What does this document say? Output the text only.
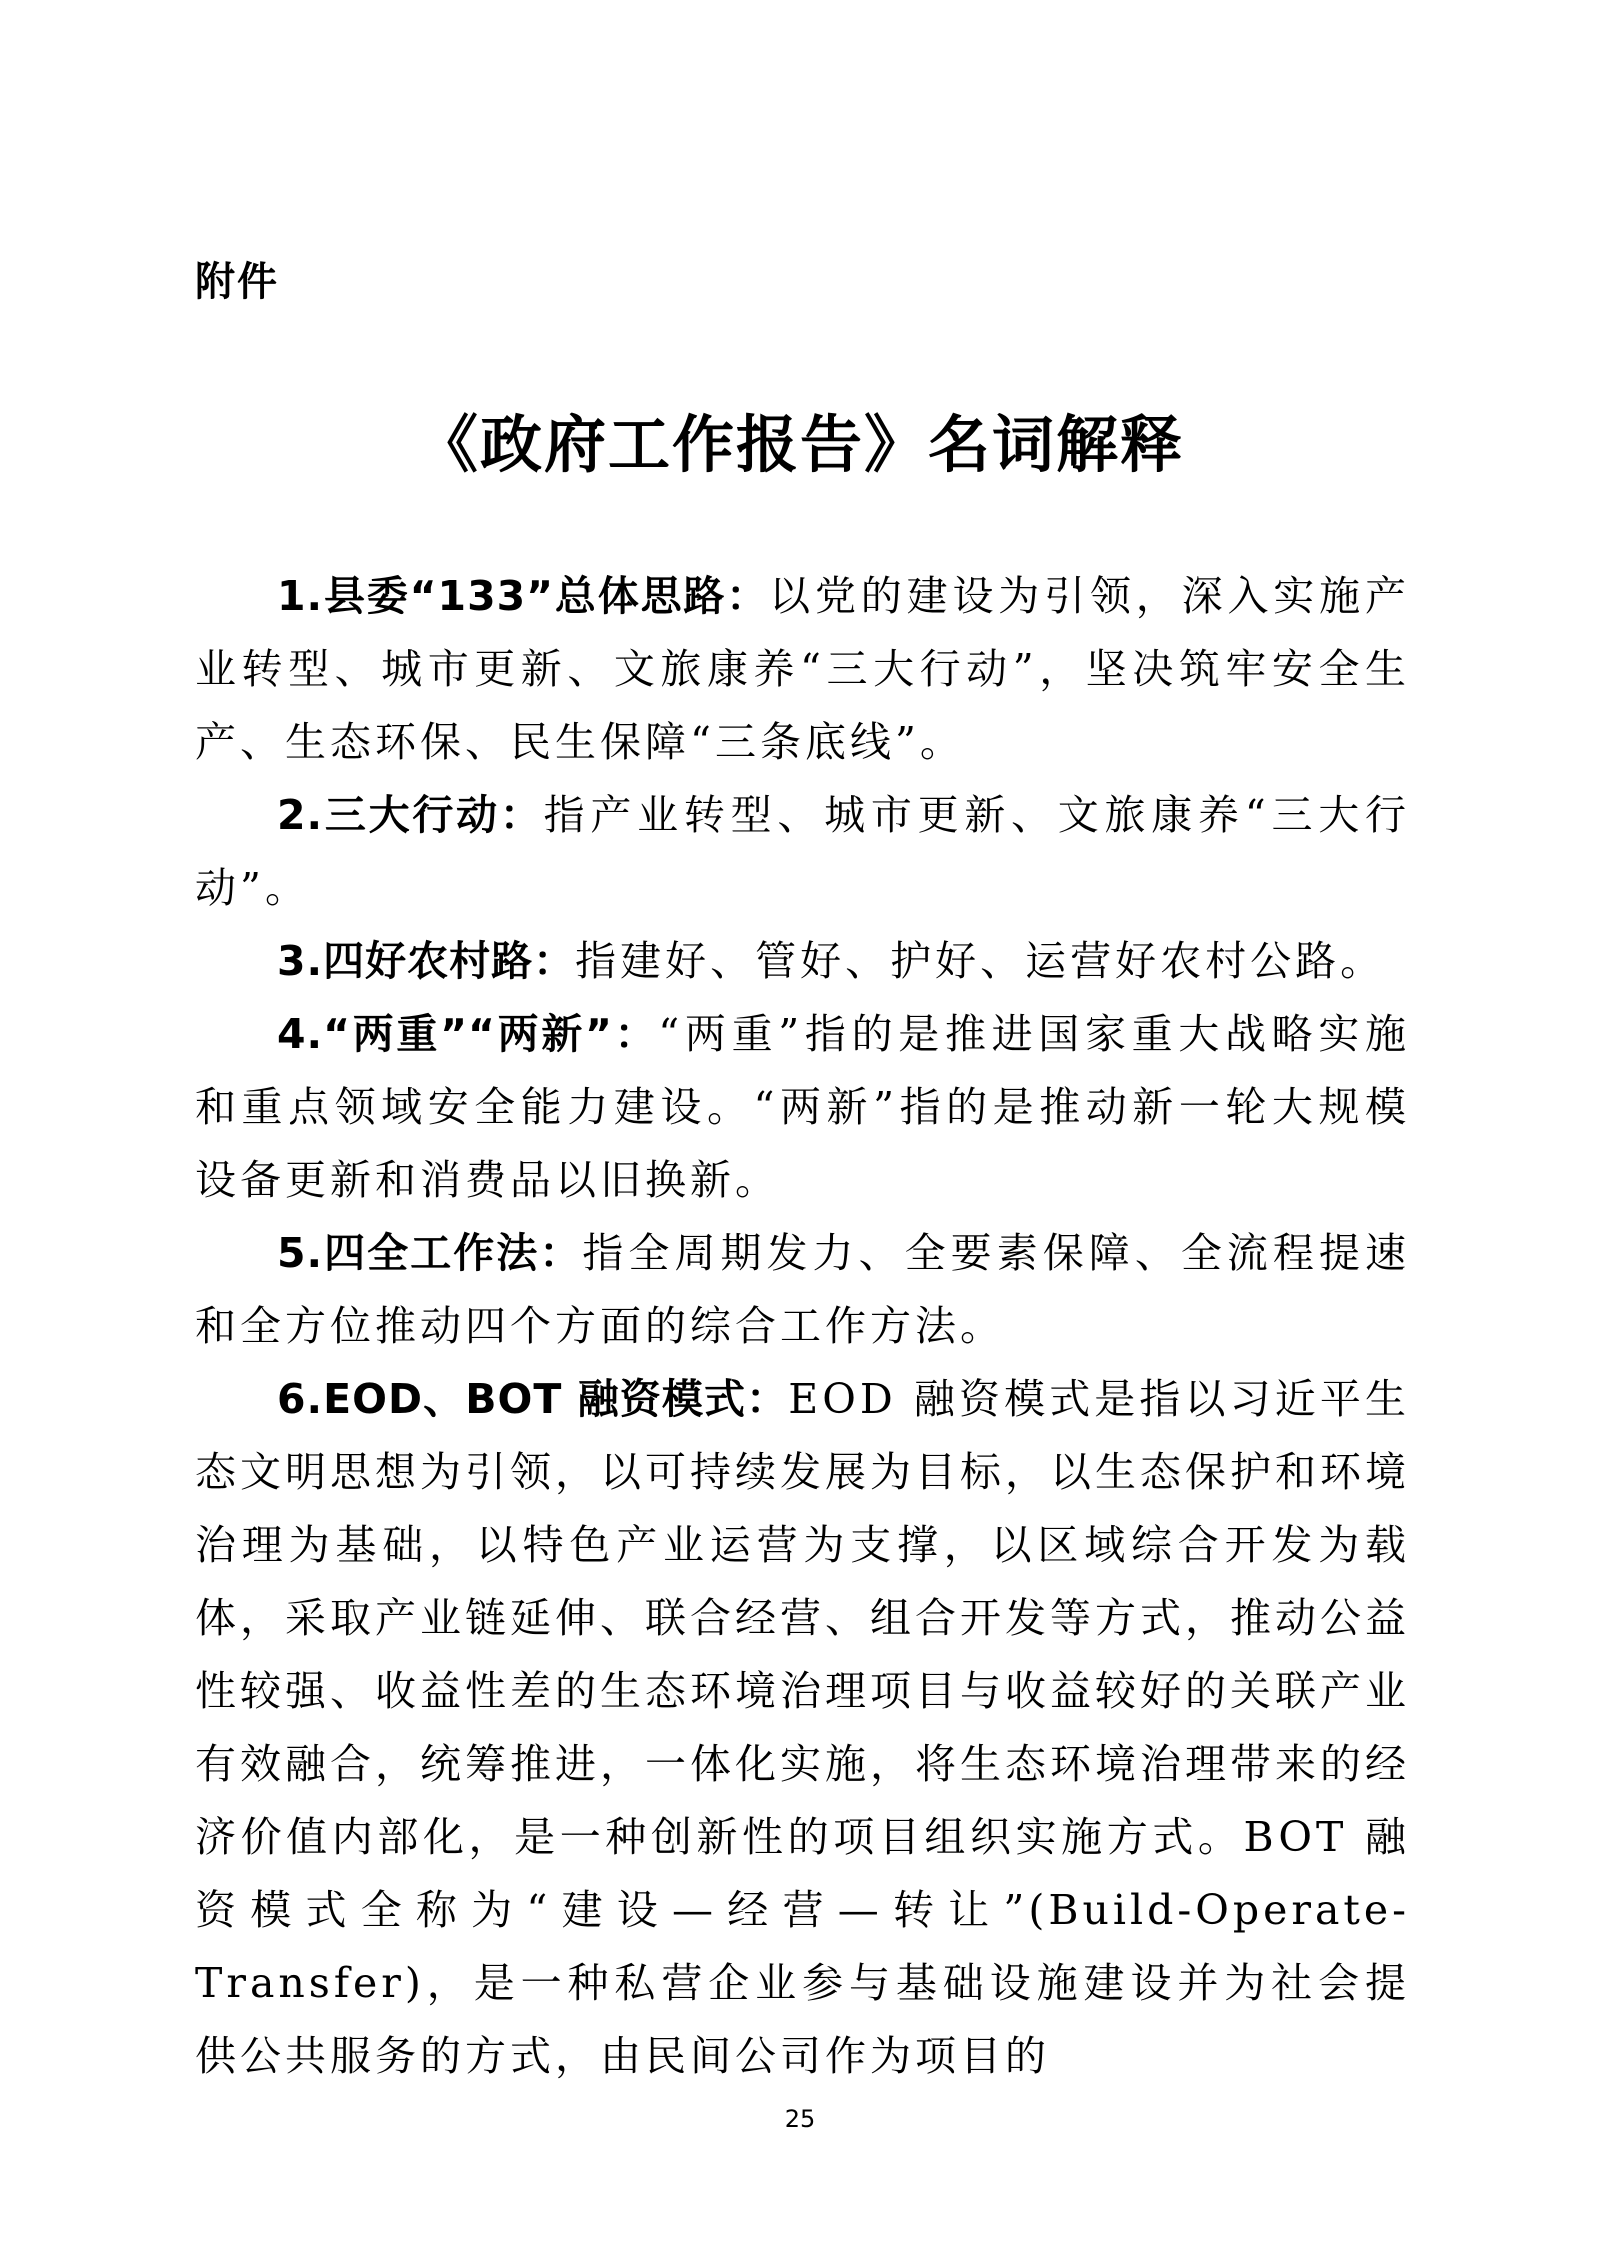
附件
《政府工作报告》名词解释

1.县委“133”总体思路：以党的建设为引领，深入实施产业转型、城市更新、文旅康养“三大行动”，坚决筑牢安全生产、生态环保、民生保障“三条底线”。

2.三大行动：指产业转型、城市更新、文旅康养“三大行动”。

3.四好农村路：指建好、管好、护好、运营好农村公路。

4.“两重”“两新”：“两重”指的是推进国家重大战略实施和重点领域安全能力建设。“两新”指的是推动新一轮大规模设备更新和消费品以旧换新。

5.四全工作法：指全周期发力、全要素保障、全流程提速和全方位推动四个方面的综合工作方法。

6.EOD、BOT 融资模式：EOD 融资模式是指以习近平生态文明思想为引领，以可持续发展为目标，以生态保护和环境治理为基础，以特色产业运营为支撑，以区域综合开发为载体，采取产业链延伸、联合经营、组合开发等方式，推动公益性较强、收益性差的生态环境治理项目与收益较好的关联产业有效融合，统筹推进，一体化实施，将生态环境治理带来的经济价值内部化，是一种创新性的项目组织实施方式。BOT 融资模式全称为“建设—经营—转让”(Build-Operate-Transfer)，是一种私营企业参与基础设施建设并为社会提供公共服务的方式，由民间公司作为项目的

25
